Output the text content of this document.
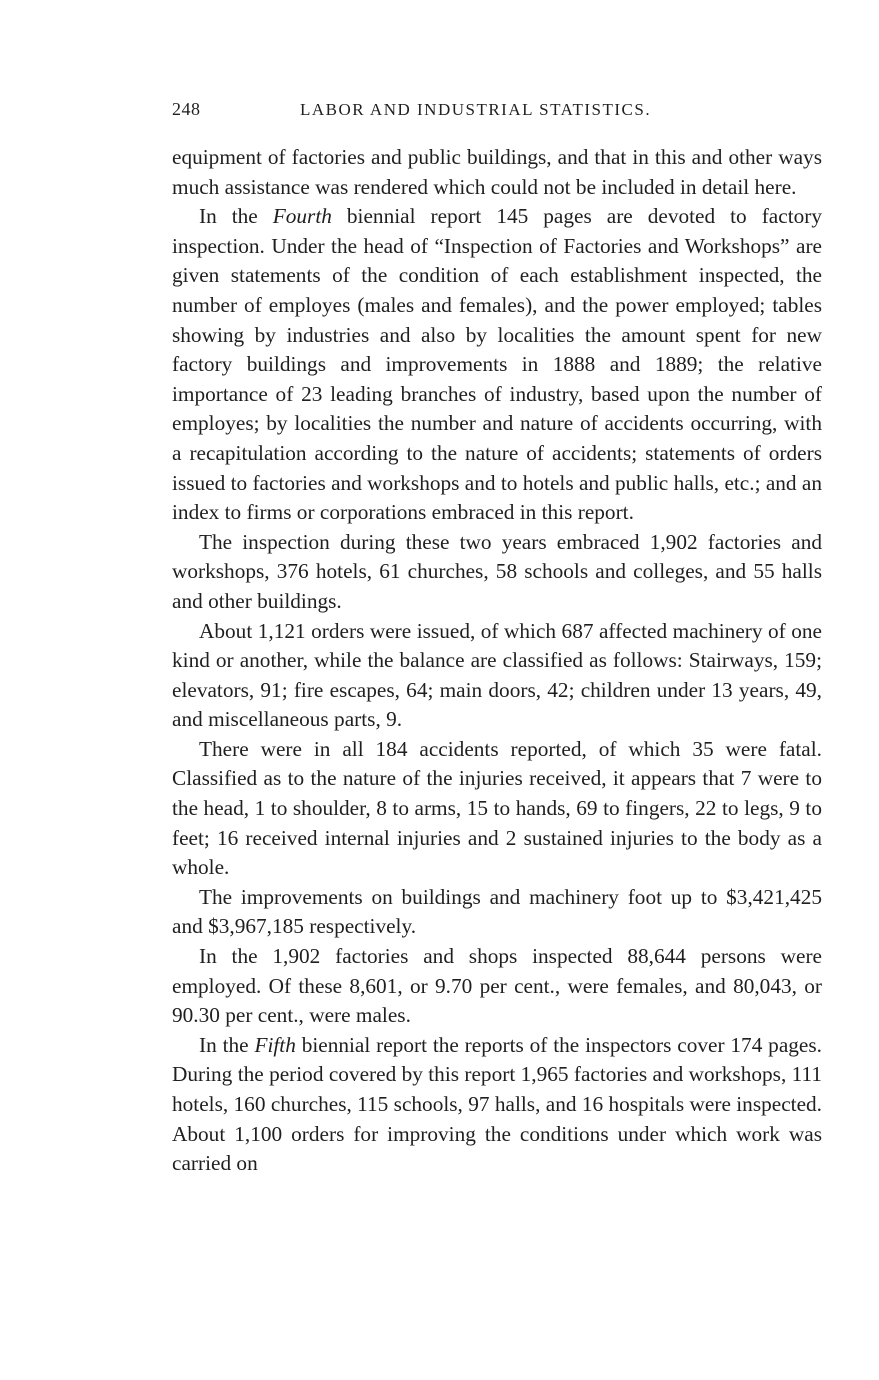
248	LABOR AND INDUSTRIAL STATISTICS.

equipment of factories and public buildings, and that in this and other ways much assistance was rendered which could not be included in detail here.

In the Fourth biennial report 145 pages are devoted to factory inspection. Under the head of “Inspection of Factories and Workshops” are given statements of the condition of each establishment inspected, the number of employes (males and females), and the power employed; tables showing by industries and also by localities the amount spent for new factory buildings and improvements in 1888 and 1889; the relative importance of 23 leading branches of industry, based upon the number of employes; by localities the number and nature of accidents occurring, with a recapitulation according to the nature of accidents; statements of orders issued to factories and workshops and to hotels and public halls, etc.; and an index to firms or corporations embraced in this report.

The inspection during these two years embraced 1,902 factories and workshops, 376 hotels, 61 churches, 58 schools and colleges, and 55 halls and other buildings.

About 1,121 orders were issued, of which 687 affected machinery of one kind or another, while the balance are classified as follows: Stairways, 159; elevators, 91; fire escapes, 64; main doors, 42; children under 13 years, 49, and miscellaneous parts, 9.

There were in all 184 accidents reported, of which 35 were fatal. Classified as to the nature of the injuries received, it appears that 7 were to the head, 1 to shoulder, 8 to arms, 15 to hands, 69 to fingers, 22 to legs, 9 to feet; 16 received internal injuries and 2 sustained injuries to the body as a whole.

The improvements on buildings and machinery foot up to $3,421,425 and $3,967,185 respectively.

In the 1,902 factories and shops inspected 88,644 persons were employed. Of these 8,601, or 9.70 per cent., were females, and 80,043, or 90.30 per cent., were males.

In the Fifth biennial report the reports of the inspectors cover 174 pages. During the period covered by this report 1,965 factories and workshops, 111 hotels, 160 churches, 115 schools, 97 halls, and 16 hospitals were inspected. About 1,100 orders for improving the conditions under which work was carried on
